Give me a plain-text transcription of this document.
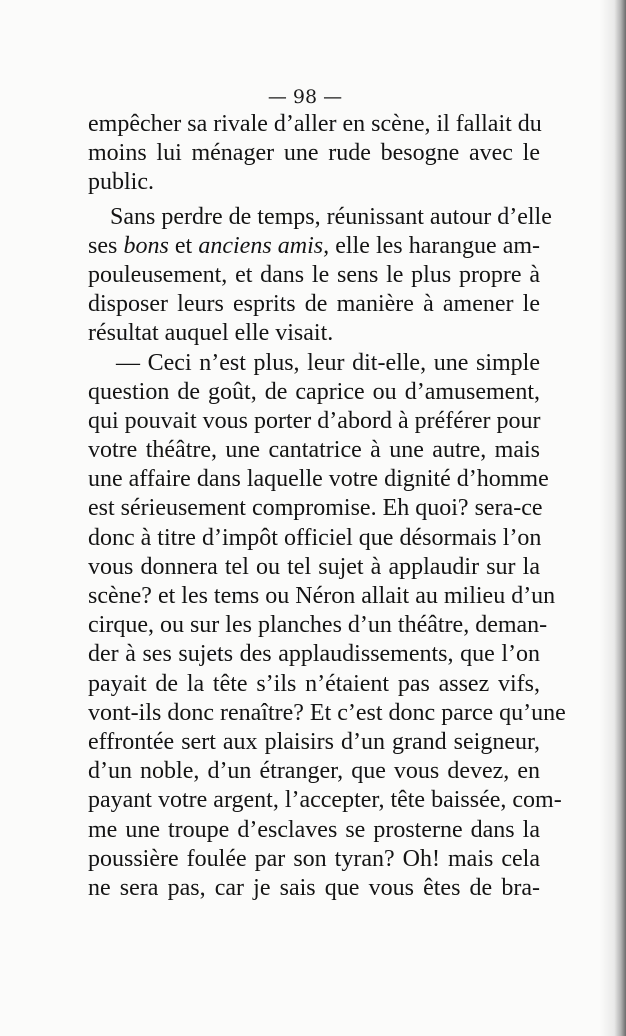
— 98 —
empêcher sa rivale d’aller en scène, il fallait du
moins lui ménager une rude besogne avec le
public.
Sans perdre de temps, réunissant autour d’elle
ses bons et anciens amis, elle les harangue am-
pouleusement, et dans le sens le plus propre à
disposer leurs esprits de manière à amener le
résultat auquel elle visait.
— Ceci n’est plus, leur dit-elle, une simple
question de goût, de caprice ou d’amusement,
qui pouvait vous porter d’abord à préférer pour
votre théâtre, une cantatrice à une autre, mais
une affaire dans laquelle votre dignité d’homme
est sérieusement compromise. Eh quoi? sera-ce
donc à titre d’impôt officiel que désormais l’on
vous donnera tel ou tel sujet à applaudir sur la
scène? et les tems ou Néron allait au milieu d’un
cirque, ou sur les planches d’un théâtre, deman-
der à ses sujets des applaudissements, que l’on
payait de la tête s’ils n’étaient pas assez vifs,
vont-ils donc renaître? Et c’est donc parce qu’une
effrontée sert aux plaisirs d’un grand seigneur,
d’un noble, d’un étranger, que vous devez, en
payant votre argent, l’accepter, tête baissée, com-
me une troupe d’esclaves se prosterne dans la
poussière foulée par son tyran? Oh! mais cela
ne sera pas, car je sais que vous êtes de bra-
